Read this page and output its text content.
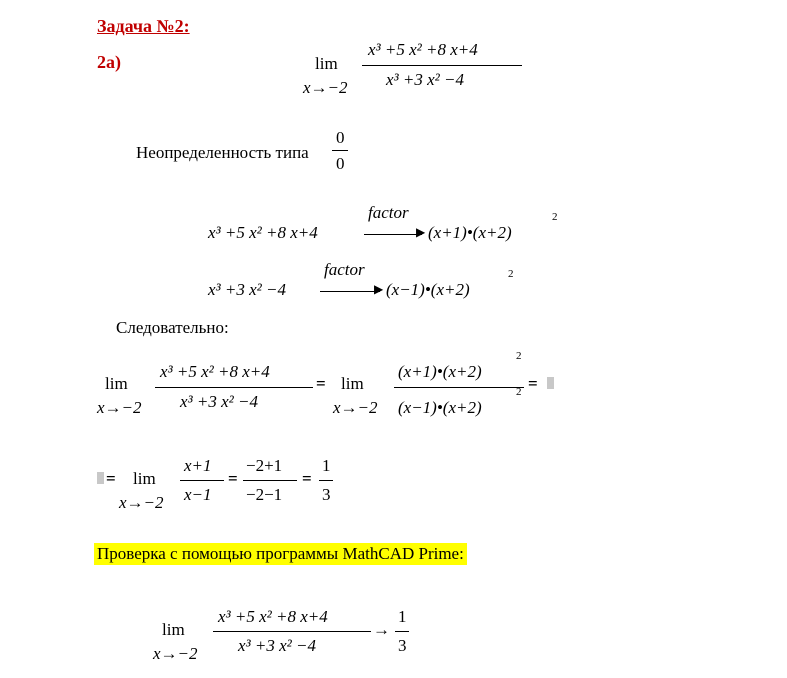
Задача №2:
2а)	lim
x→−2
x³ +5 x² +8 x+4
x³ +3 x² −4
Неопределенность типа
0
0
x³ +5 x² +8 x+4
factor
▶ (x+1)•(x+2)
2
x³ +3 x² −4
factor
▶ (x−1)•(x+2)
2
Следовательно:
lim
x→−2
x³ +5 x² +8 x+4
x³ +3 x² −4
= lim
x→−2
(x+1)•(x+2)
2
(x−1)•(x+2)
2 =
= lim
x→−2
x+1
x−1
=
−2+1
−2−1
=
1
3
Проверка с помощью программы MathCAD Prime:
lim
x→−2
x³ +5 x² +8 x+4
x³ +3 x² −4
→
1
3
